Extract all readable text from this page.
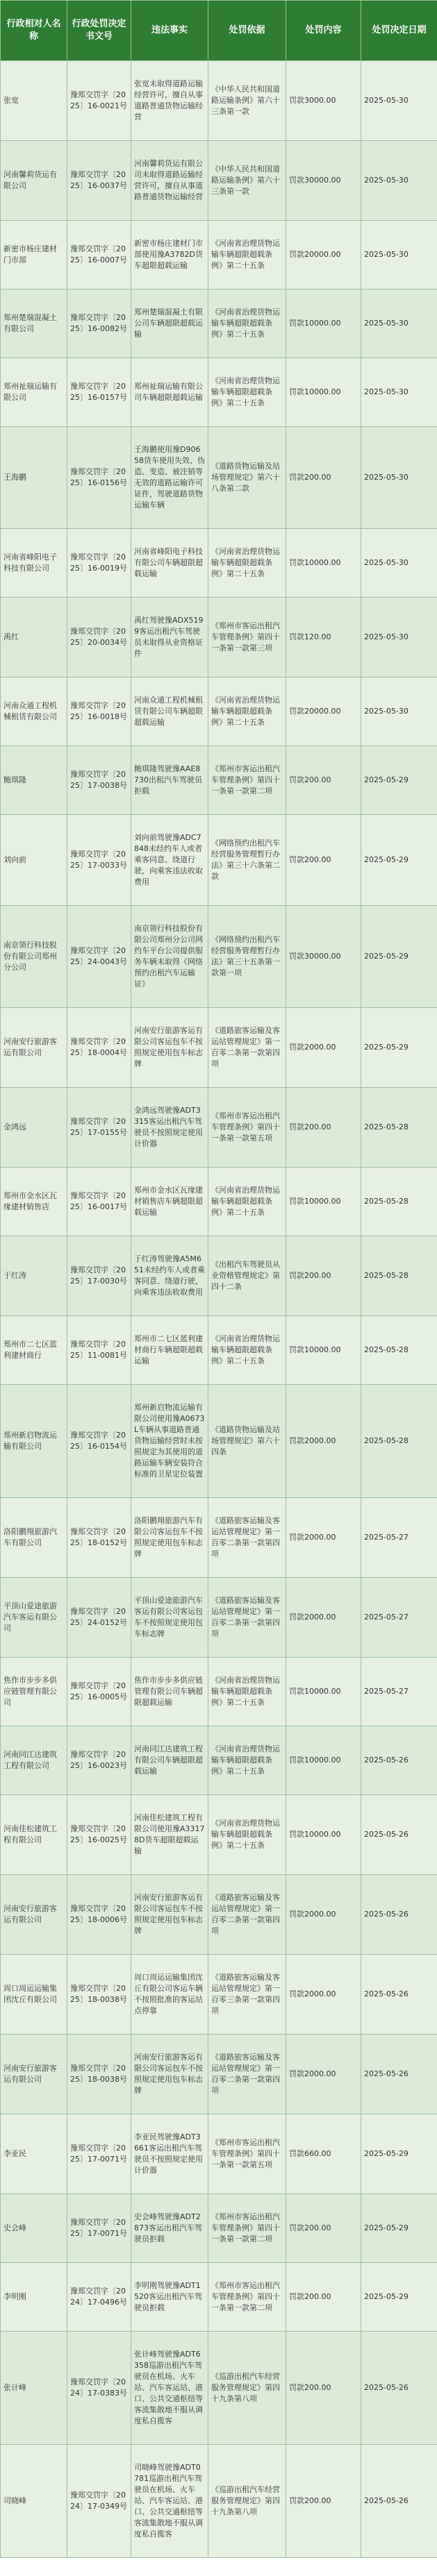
行政相对人名称	行政处罚决定书文号	违法事实	处罚依据	处罚内容	处罚决定日期
张宽	豫郑交罚字〔2025〕16-0021号	张宽未取得道路运输经营许可，擅自从事道路普通货物运输经营	《中华人民共和国道路运输条例》第六十三条第一款	罚款3000.00	2025-05-30
河南馨莉货运有限公司	豫郑交罚字〔2025〕16-0037号	河南馨莉货运有限公司未取得道路运输经营许可，擅自从事道路普通货物运输经营	《中华人民共和国道路运输条例》第六十三条第一款	罚款30000.00	2025-05-30
新密市杨庄建材门市部	豫郑交罚字〔2025〕16-0007号	新密市杨庄建材门市部使用豫A3782D货车超限超载运输	《河南省治理货物运输车辆超限超载条例》第二十五条	罚款20000.00	2025-05-30
郑州楚瑞混凝土有限公司	豫郑交罚字〔2025〕16-0082号	郑州楚瑞混凝土有限公司车辆超限超载运输	《河南省治理货物运输车辆超限超载条例》第二十五条	罚款10000.00	2025-05-30
郑州祉瑞运输有限公司	豫郑交罚字〔2025〕16-0157号	郑州祉瑞运输有限公司车辆超限超载运输	《河南省治理货物运输车辆超限超载条例》第二十五条	罚款10000.00	2025-05-30
王海鹏	豫郑交罚字〔2025〕16-0156号	王海鹏使用豫D90658货车使用失效、伪造、变造、被注销等无效的道路运输许可证件，驾驶道路货物运输车辆	《道路货物运输及站场管理规定》第六十八条第二款	罚款200.00	2025-05-30
河南省峰阳电子科技有限公司	豫郑交罚字〔2025〕16-0019号	河南省峰阳电子科技有限公司车辆超限超载运输	《河南省治理货物运输车辆超限超载条例》第二十五条	罚款10000.00	2025-05-30
禹红	豫郑交罚字〔2025〕20-0034号	禹红驾驶豫ADX5199客运出租汽车驾驶员未取得从业资格证件	《郑州市客运出租汽车管理条例》第四十一条第一款第三项	罚款120.00	2025-05-30
河南众通工程机械租赁有限公司	豫郑交罚字〔2025〕16-0018号	河南众通工程机械租赁有限公司车辆超限超载运输	《河南省治理货物运输车辆超限超载条例》第二十五条	罚款20000.00	2025-05-30
鲍琪隆	豫郑交罚字〔2025〕17-0038号	鲍琪隆驾驶豫AAE8730出租汽车驾驶员拒载	《郑州市客运出租汽车管理条例》第四十一条第一款第二项	罚款200.00	2025-05-29
刘向前	豫郑交罚字〔2025〕17-0033号	刘向前驾驶豫ADC7848未经约车人或者乘客同意、绕道行驶，向乘客违法收取费用	《网络预约出租汽车经营服务管理暂行办法》第三十六条第二款	罚款200.00	2025-05-29
南京领行科技股份有限公司郑州分公司	豫郑交罚字〔2025〕24-0043号	南京领行科技股份有限公司郑州分公司网约车平台公司提供服务车辆未取得《网络预约出租汽车运输证》	《网络预约出租汽车经营服务管理暂行办法》第三十五条第一款第一项	罚款30000.00	2025-05-29
河南安行旅游客运有限公司	豫郑交罚字〔2025〕18-0004号	河南安行旅游客运有限公司客运包车不按照规定使用包车标志牌	《道路旅客运输及客运站管理规定》第一百零二条第一款第四项	罚款2000.00	2025-05-29
金鸿远	豫郑交罚字〔2025〕17-0155号	金鸿远驾驶豫ADT3315客运出租汽车驾驶员不按照规定使用计价器	《郑州市客运出租汽车管理条例》第四十一条第一款第五项	罚款200.00	2025-05-28
郑州市金水区瓦缘建材销售店	豫郑交罚字〔2025〕16-0017号	郑州市金水区瓦缘建材销售店车辆超限超载运输	《河南省治理货物运输车辆超限超载条例》第二十五条	罚款10000.00	2025-05-28
于红涛	豫郑交罚字〔2025〕17-0030号	于红涛驾驶豫A5M651未经约车人或者乘客同意、绕道行驶，向乘客违法收取费用	《出租汽车驾驶员从业资格管理规定》第四十二条	罚款200.00	2025-05-28
郑州市二七区蓝利建材商行	豫郑交罚字〔2025〕11-0081号	郑州市二七区蓝利建材商行车辆超限超载运输	《河南省治理货物运输车辆超限超载条例》第二十五条	罚款10000.00	2025-05-28
郑州新启物流运输有限公司	豫郑交罚字〔2025〕16-0154号	郑州新启物流运输有限公司使用豫A0673L车辆从事道路普通货物运输经营时未按照规定为其使用的道路运输车辆安装符合标准的卫星定位装置	《道路货物运输及站场管理规定》第六十四条	罚款2000.00	2025-05-28
洛阳鹏翔旅游汽车有限公司	豫郑交罚字〔2025〕18-0152号	洛阳鹏翔旅游汽车有限公司客运包车不按照规定使用包车标志牌	《道路旅客运输及客运站管理规定》第一百零二条第一款第四项	罚款2000.00	2025-05-27
平顶山爱途旅游汽车客运有限公司	豫郑交罚字〔2025〕24-0152号	平顶山爱途旅游汽车客运有限公司客运包车不按照规定使用包车标志牌	《道路旅客运输及客运站管理规定》第一百零二条第一款第四项	罚款2000.00	2025-05-27
焦作市步步多供应链管理有限公司	豫郑交罚字〔2025〕16-0005号	焦作市步步多供应链管理有限公司车辆超限超载运输	《河南省治理货物运输车辆超限超载条例》第二十五条	罚款10000.00	2025-05-27
河南同江达建筑工程有限公司	豫郑交罚字〔2025〕16-0023号	河南同江达建筑工程有限公司车辆超限超载运输	《河南省治理货物运输车辆超限超载条例》第二十五条	罚款10000.00	2025-05-26
河南佳松建筑工程有限公司	豫郑交罚字〔2025〕16-0025号	河南佳松建筑工程有限公司使用豫A33178D货车超限超载运输	《河南省治理货物运输车辆超限超载条例》第二十五条	罚款10000.00	2025-05-26
河南安行旅游客运有限公司	豫郑交罚字〔2025〕18-0006号	河南安行旅游客运有限公司客运包车不按照规定使用包车标志牌	《道路旅客运输及客运站管理规定》第一百零二条第一款第四项	罚款2000.00	2025-05-26
周口周运运输集团沈丘有限公司	豫郑交罚字〔2025〕18-0038号	周口周运运输集团沈丘有限公司客运车辆不按照批准的客运站点停靠	《道路旅客运输及客运站管理规定》第一百零三条第一款第四项	罚款2000.00	2025-05-26
河南安行旅游客运有限公司	豫郑交罚字〔2025〕18-0038号	河南安行旅游客运有限公司客运包车不按照规定使用包车标志牌	《道路旅客运输及客运站管理规定》第一百零二条第一款第四项	罚款2000.00	2025-05-26
李亚民	豫郑交罚字〔2025〕17-0071号	李亚民驾驶豫ADT3661客运出租汽车驾驶员不按照规定使用计价器	《郑州市客运出租汽车管理条例》第四十一条第一款第五项	罚款660.00	2025-05-29
史会峰	豫郑交罚字〔2025〕17-0071号	史会峰驾驶豫ADT2873客运出租汽车驾驶员拒载	《郑州市客运出租汽车管理条例》第四十一条第一款第二项	罚款200.00	2025-05-29
李明刚	豫郑交罚字〔2024〕17-0496号	李明刚驾驶豫ADT1520客运出租汽车驾驶员拒载	《郑州市客运出租汽车管理条例》第四十一条第一款第二项	罚款200.00	2025-05-29
张计峰	豫郑交罚字〔2024〕17-0383号	张计峰驾驶豫ADT6358巡游出租汽车驾驶员在机场、火车站、汽车客运站、港口、公共交通枢纽等客流集散地不服从调度私自揽客	《巡游出租汽车经营服务管理规定》第四十九条第八项	罚款200.00	2025-05-26
司晓峰	豫郑交罚字〔2024〕17-0349号	司晓峰驾驶豫ADT0781巡游出租汽车驾驶员在机场、火车站、汽车客运站、港口、公共交通枢纽等客流集散地不服从调度私自揽客	《巡游出租汽车经营服务管理规定》第四十九条第八项	罚款200.00	2025-05-26
